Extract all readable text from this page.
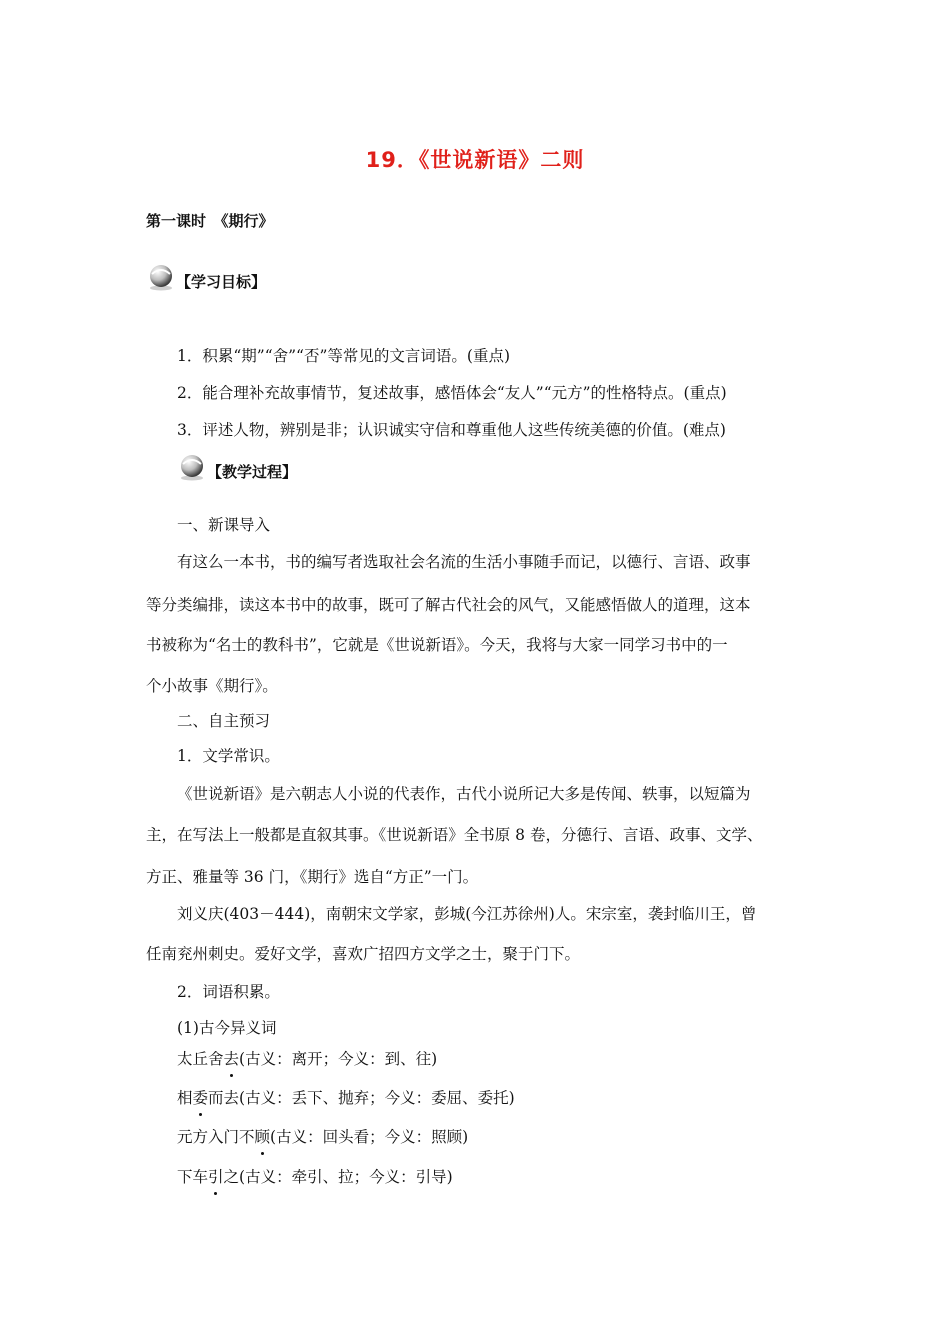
19．《世说新语》二则
第一课时　《期行》
【学习目标】
1．积累“期”“舍”“否”等常见的文言词语。(重点)
2．能合理补充故事情节，复述故事，感悟体会“友人”“元方”的性格特点。(重点)
3．评述人物，辨别是非；认识诚实守信和尊重他人这些传统美德的价值。(难点)
【教学过程】
一、新课导入
有这么一本书，书的编写者选取社会名流的生活小事随手而记，以德行、言语、政事
等分类编排，读这本书中的故事，既可了解古代社会的风气，又能感悟做人的道理，这本
书被称为“名士的教科书”，它就是《世说新语》。今天，我将与大家一同学习书中的一
个小故事《期行》。
二、自主预习
1．文学常识。
《世说新语》是六朝志人小说的代表作，古代小说所记大多是传闻、轶事，以短篇为
主，在写法上一般都是直叙其事。《世说新语》全书原 8 卷，分德行、言语、政事、文学、
方正、雅量等 36 门，《期行》选自“方正”一门。
刘义庆(403－444)，南朝宋文学家，彭城(今江苏徐州)人。宋宗室，袭封临川王，曾
任南兖州刺史。爱好文学，喜欢广招四方文学之士，聚于门下。
2．词语积累。
(1)古今异义词
太丘舍去(古义：离开；今义：到、往)
相委而去(古义：丢下、抛弃；今义：委屈、委托)
元方入门不顾(古义：回头看；今义：照顾)
下车引之(古义：牵引、拉；今义：引导)
